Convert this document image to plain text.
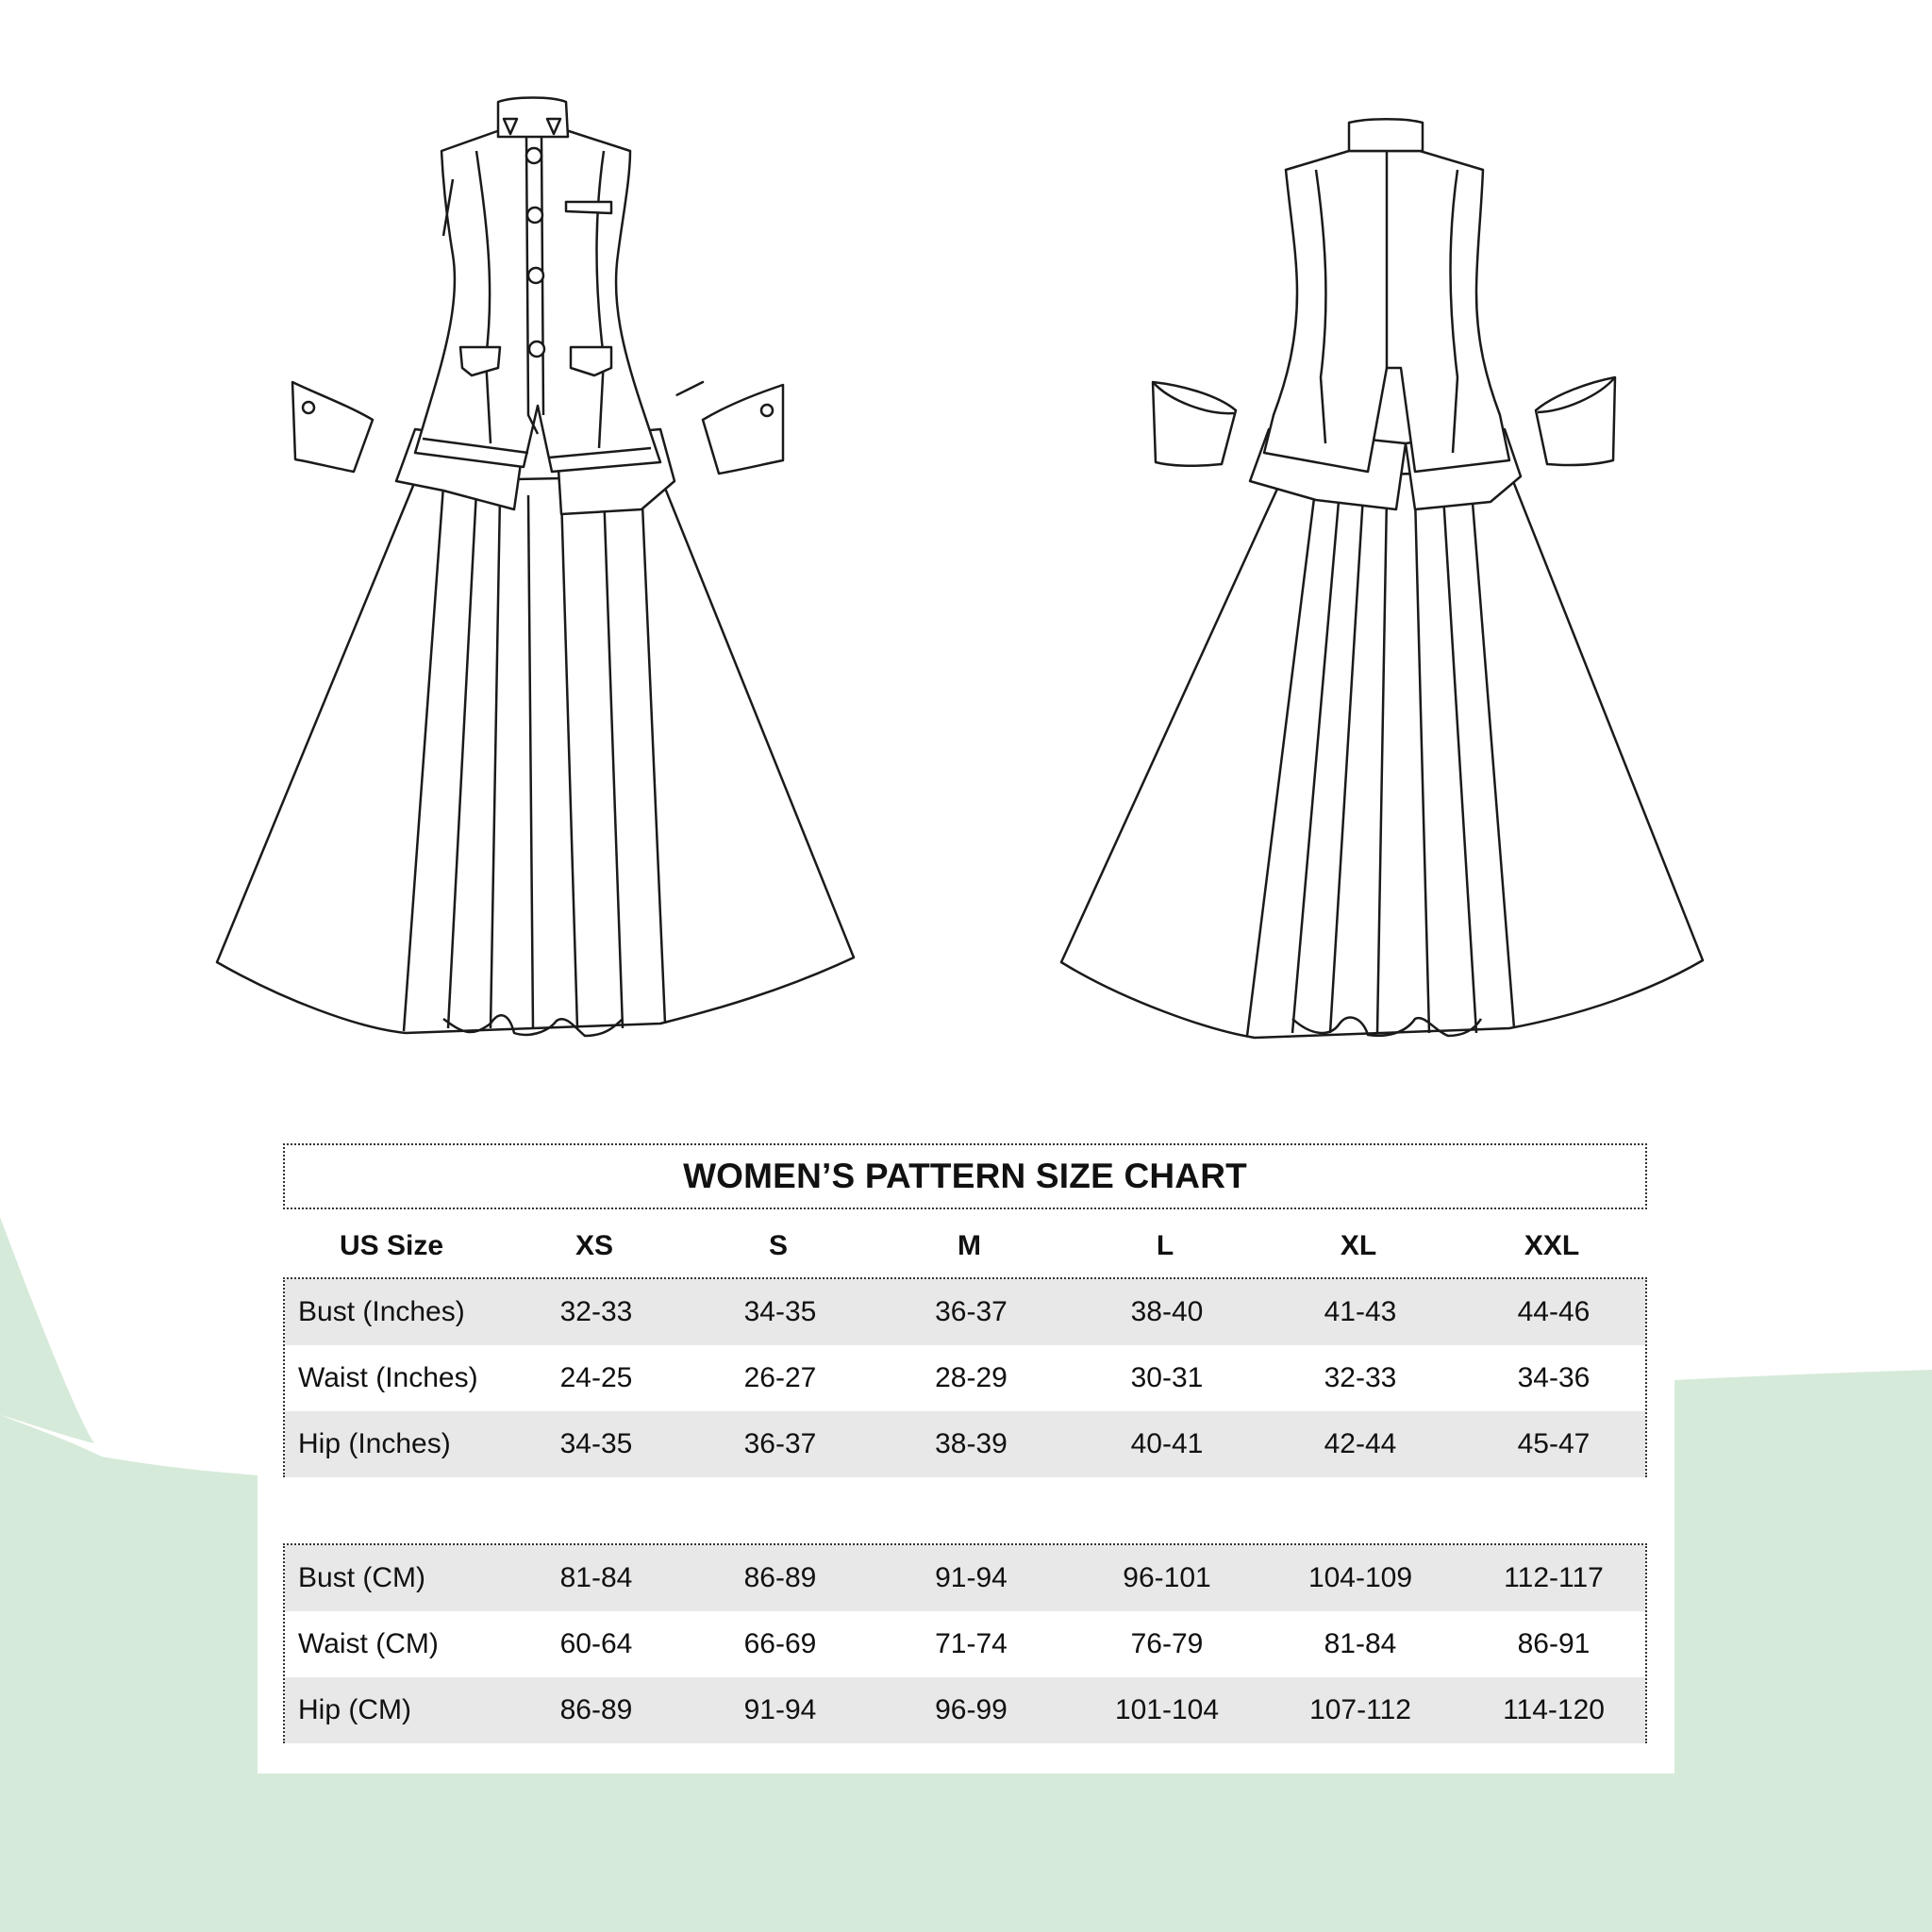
WOMEN’S PATTERN SIZE CHART
US Size	XS	S	M	L	XL	XXL
Bust (Inches)	32-33	34-35	36-37	38-40	41-43	44-46
Waist (Inches)	24-25	26-27	28-29	30-31	32-33	34-36
Hip (Inches)	34-35	36-37	38-39	40-41	42-44	45-47
Bust (CM)	81-84	86-89	91-94	96-101	104-109	112-117
Waist (CM)	60-64	66-69	71-74	76-79	81-84	86-91
Hip (CM)	86-89	91-94	96-99	101-104	107-112	114-120
